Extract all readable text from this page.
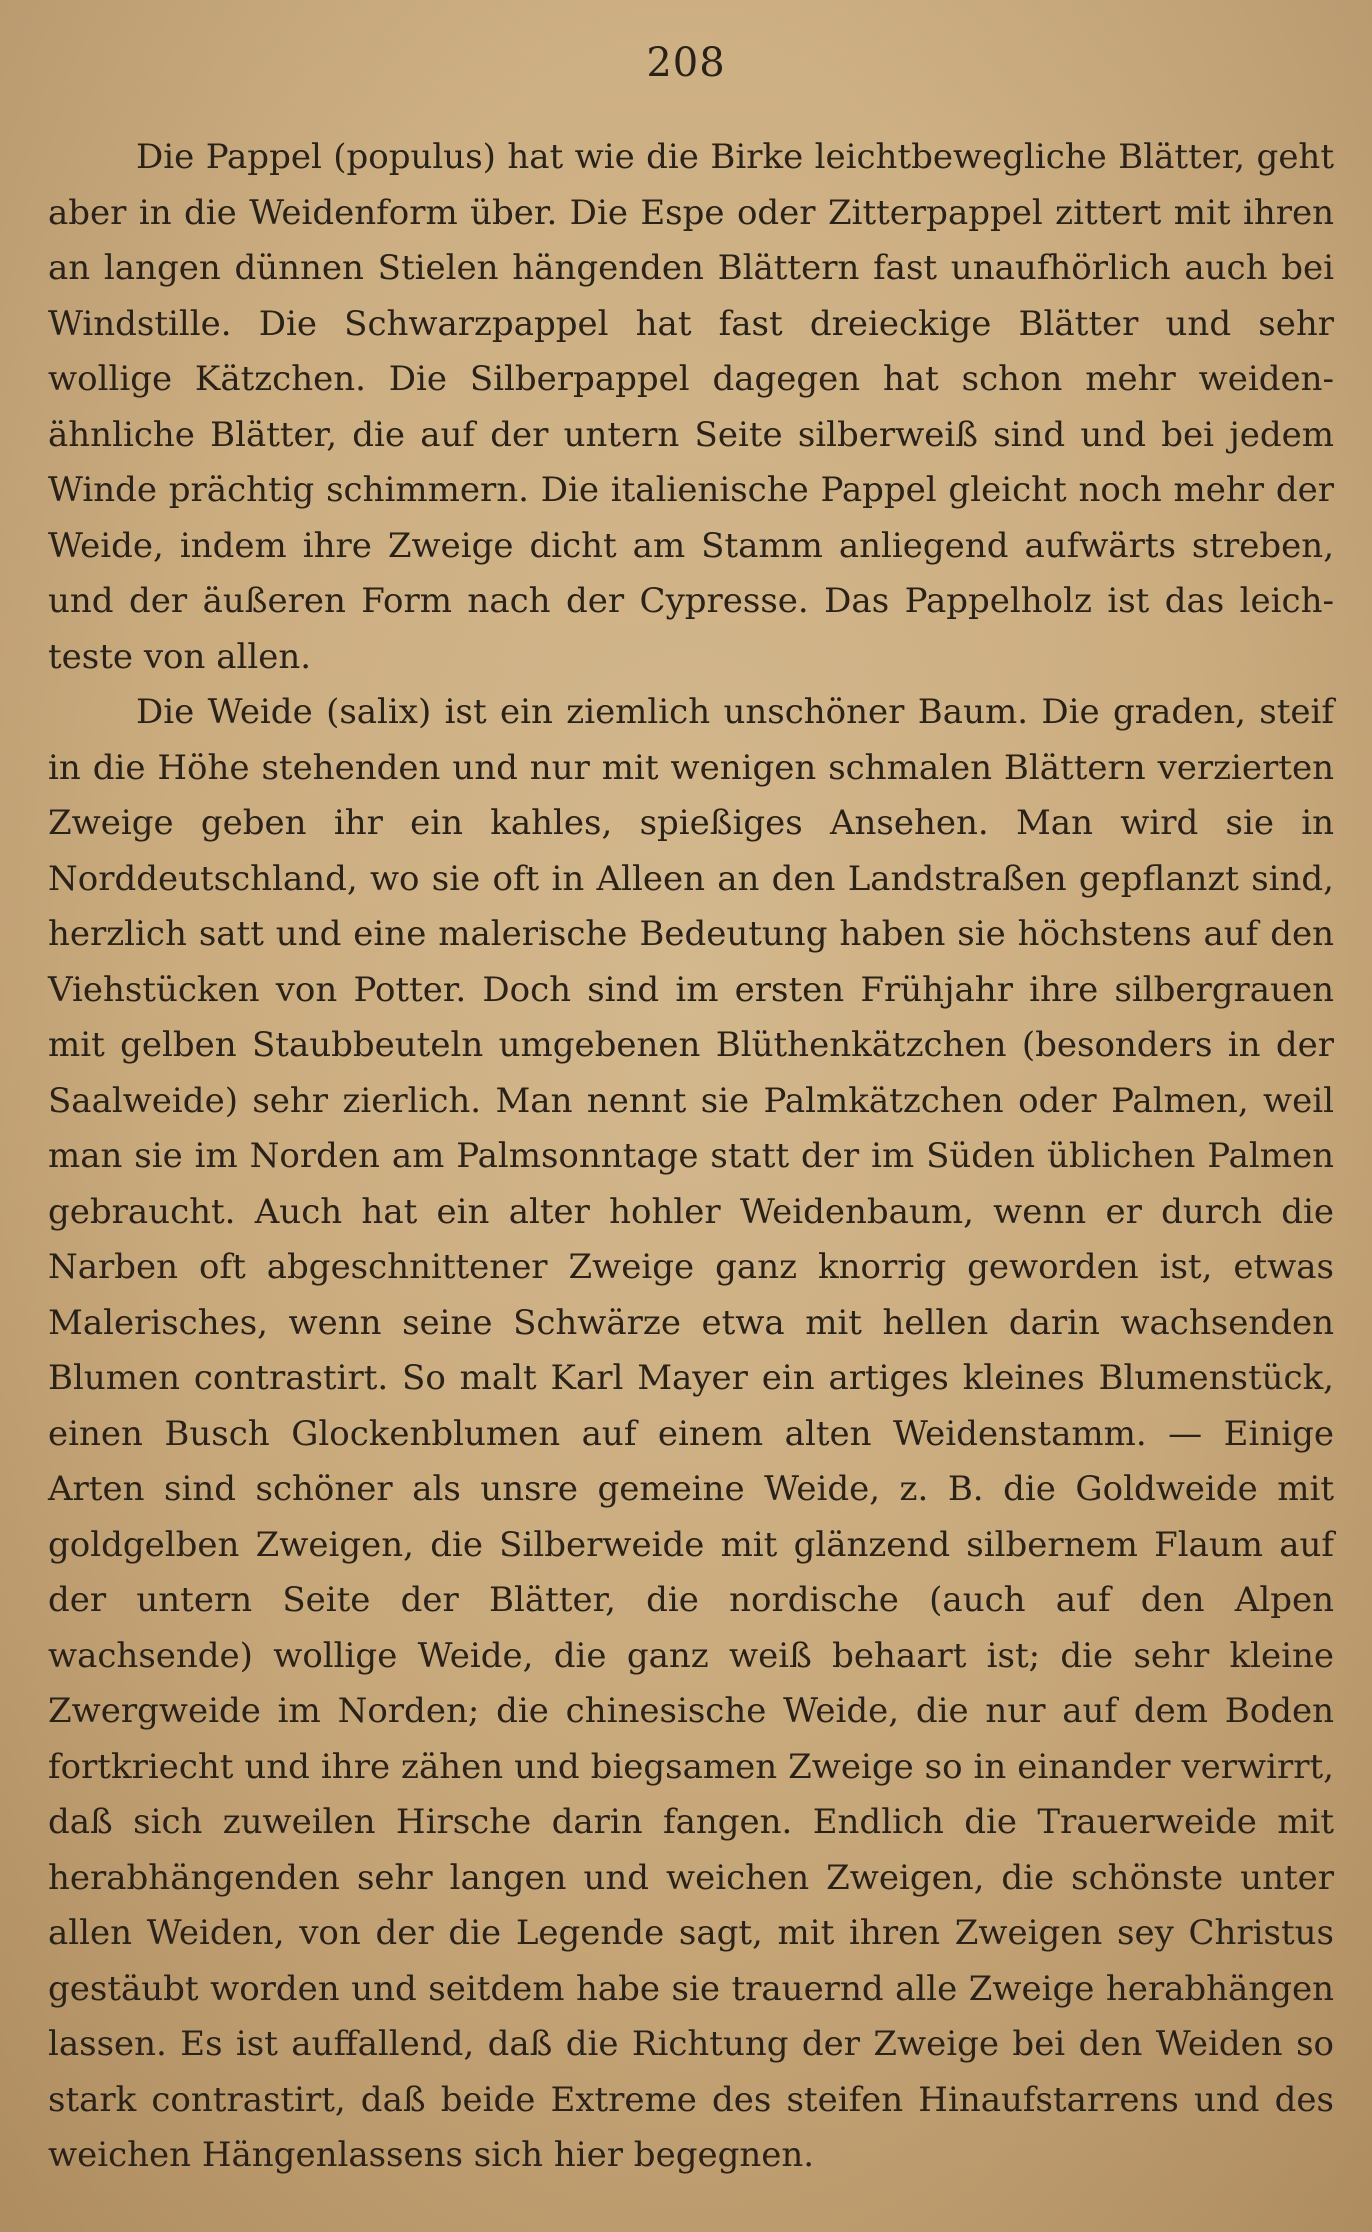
208

Die Pappel (populus) hat wie die Birke leichtbewegliche Blätter, geht aber in die Weidenform über. Die Espe oder Zitterpappel zittert mit ihren an langen dünnen Stielen hängenden Blättern fast unaufhörlich auch bei Windstille. Die Schwarzpappel hat fast dreieckige Blätter und sehr wollige Kätzchen. Die Silberpappel dagegen hat schon mehr weidenähnliche Blätter, die auf der untern Seite silberweiß sind und bei jedem Winde prächtig schimmern. Die italienische Pappel gleicht noch mehr der Weide, indem ihre Zweige dicht am Stamm anliegend aufwärts streben, und der äußeren Form nach der Cypresse. Das Pappelholz ist das leichteste von allen.

Die Weide (salix) ist ein ziemlich unschöner Baum. Die graden, steif in die Höhe stehenden und nur mit wenigen schmalen Blättern verzierten Zweige geben ihr ein kahles, spießiges Ansehen. Man wird sie in Norddeutschland, wo sie oft in Alleen an den Landstraßen gepflanzt sind, herzlich satt und eine malerische Bedeutung haben sie höchstens auf den Viehstücken von Potter. Doch sind im ersten Frühjahr ihre silbergrauen mit gelben Staubbeuteln umgebenen Blüthenkätzchen (besonders in der Saalweide) sehr zierlich. Man nennt sie Palmkätzchen oder Palmen, weil man sie im Norden am Palmsonntage statt der im Süden üblichen Palmen gebraucht. Auch hat ein alter hohler Weidenbaum, wenn er durch die Narben oft abgeschnittener Zweige ganz knorrig geworden ist, etwas Malerisches, wenn seine Schwärze etwa mit hellen darin wachsenden Blumen contrastirt. So malt Karl Mayer ein artiges kleines Blumenstück, einen Busch Glockenblumen auf einem alten Weidenstamm. — Einige Arten sind schöner als unsre gemeine Weide, z. B. die Goldweide mit goldgelben Zweigen, die Silberweide mit glänzend silbernem Flaum auf der untern Seite der Blätter, die nordische (auch auf den Alpen wachsende) wollige Weide, die ganz weiß behaart ist; die sehr kleine Zwergweide im Norden; die chinesische Weide, die nur auf dem Boden fortkriecht und ihre zähen und biegsamen Zweige so in einander verwirrt, daß sich zuweilen Hirsche darin fangen. Endlich die Trauerweide mit herabhängenden sehr langen und weichen Zweigen, die schönste unter allen Weiden, von der die Legende sagt, mit ihren Zweigen sey Christus gestäubt worden und seitdem habe sie trauernd alle Zweige herabhängen lassen. Es ist auffallend, daß die Richtung der Zweige bei den Weiden so stark contrastirt, daß beide Extreme des steifen Hinaufstarrens und des weichen Hängenlassens sich hier begegnen.
